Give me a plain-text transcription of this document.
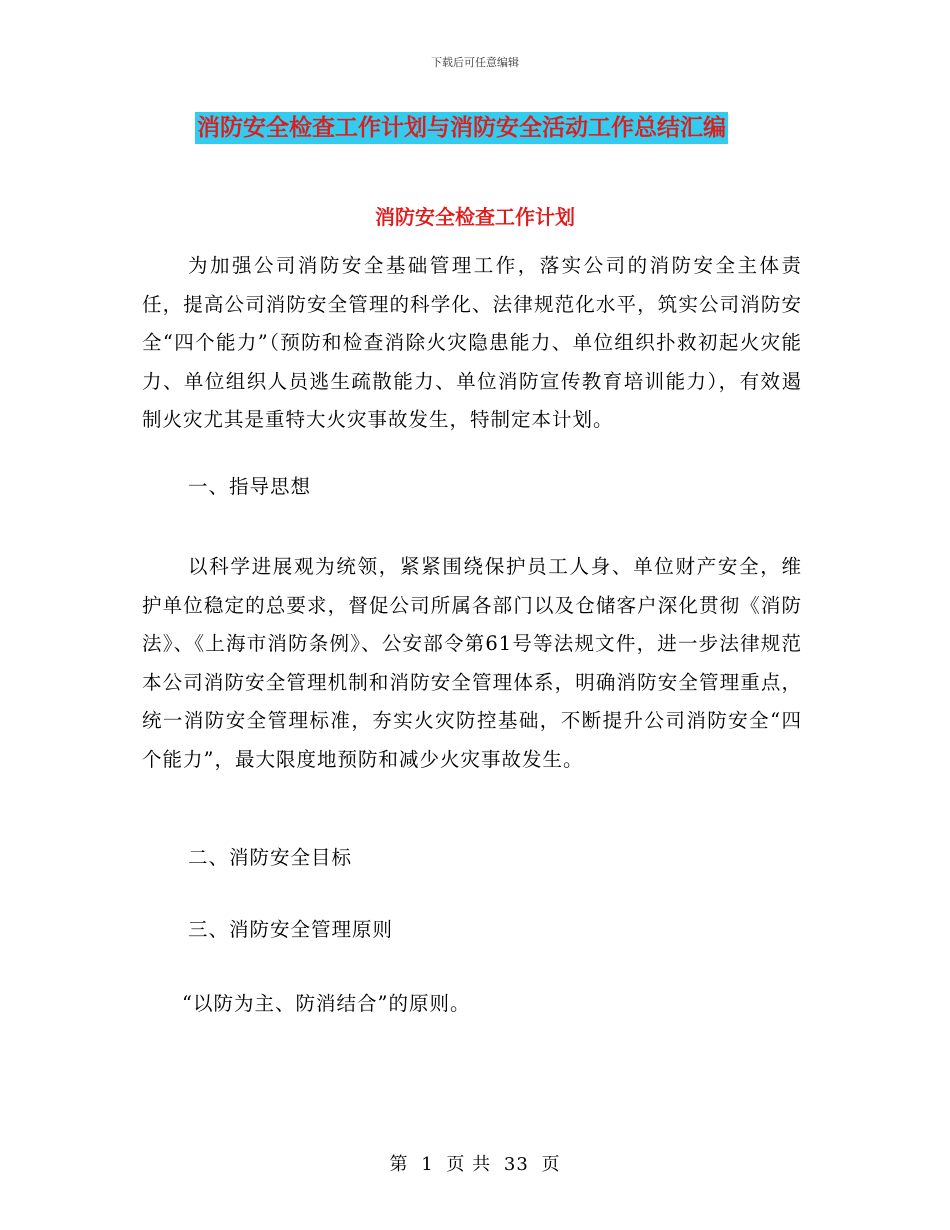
下载后可任意编辑
消防安全检查工作计划与消防安全活动工作总结汇编
消防安全检查工作计划

为加强公司消防安全基础管理工作，落实公司的消防安全主体责任，提高公司消防安全管理的科学化、法律规范化水平，筑实公司消防安全“四个能力”（预防和检查消除火灾隐患能力、单位组织扑救初起火灾能力、单位组织人员逃生疏散能力、单位消防宣传教育培训能力），有效遏制火灾尤其是重特大火灾事故发生，特制定本计划。

一、指导思想

以科学进展观为统领，紧紧围绕保护员工人身、单位财产安全，维护单位稳定的总要求，督促公司所属各部门以及仓储客户深化贯彻《消防法》、《上海市消防条例》、公安部令第61号等法规文件，进一步法律规范本公司消防安全管理机制和消防安全管理体系，明确消防安全管理重点，统一消防安全管理标准，夯实火灾防控基础，不断提升公司消防安全“四个能力”，最大限度地预防和减少火灾事故发生。

二、消防安全目标

三、消防安全管理原则

“以防为主、防消结合”的原则。

第 1 页 共 33 页
